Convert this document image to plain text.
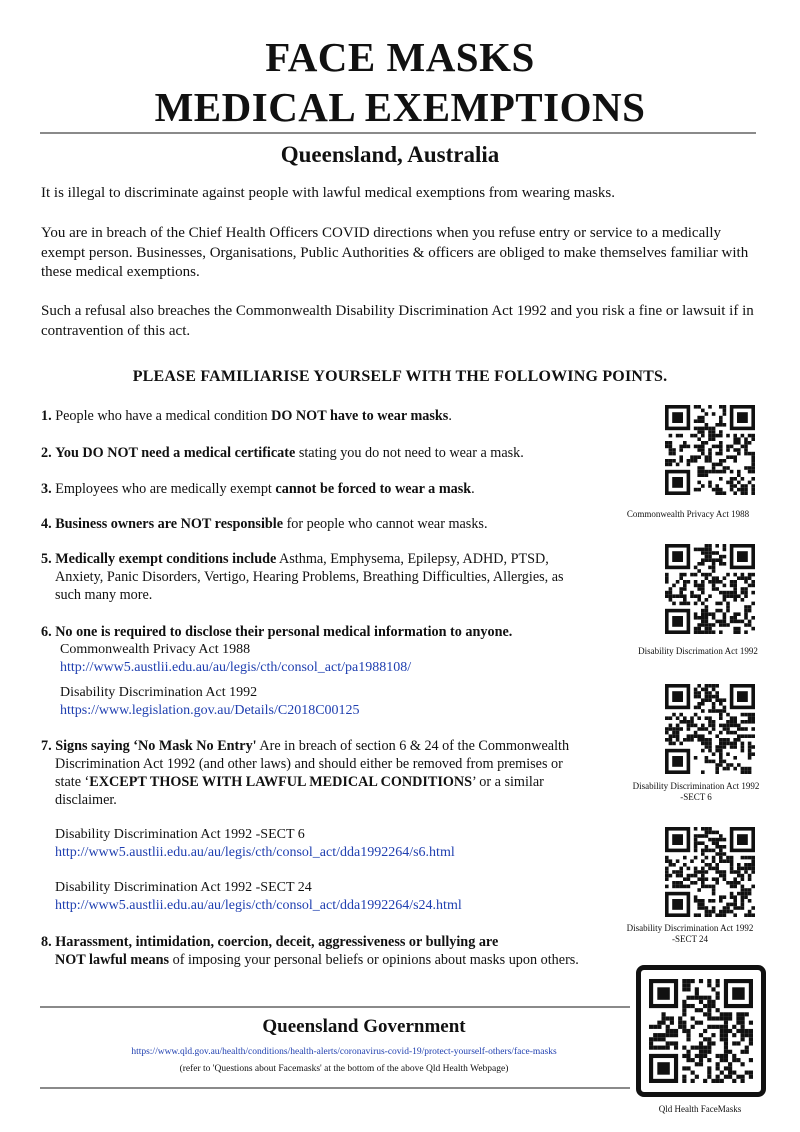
FACE MASKS
MEDICAL EXEMPTIONS
Queensland, Australia
It is illegal to discriminate against people with lawful medical exemptions from wearing masks.
You are in breach of the Chief Health Officers COVID directions when you refuse entry or service to a medically exempt person. Businesses, Organisations, Public Authorities & officers are obliged to make themselves familiar with these medical exemptions.
Such a refusal also breaches the Commonwealth Disability Discrimination Act 1992 and you risk a fine or lawsuit if in contravention of this act.
PLEASE FAMILIARISE YOURSELF WITH THE FOLLOWING POINTS.
1. People who have a medical condition DO NOT have to wear masks.
2. You DO NOT need a medical certificate stating you do not need to wear a mask.
3. Employees who are medically exempt cannot be forced to wear a mask.
4. Business owners are NOT responsible for people who cannot wear masks.
5. Medically exempt conditions include Asthma, Emphysema, Epilepsy, ADHD, PTSD,
Anxiety, Panic Disorders, Vertigo, Hearing Problems, Breathing Difficulties, Allergies, as
such many more.
6. No one is required to disclose their personal medical information to anyone.
Commonwealth Privacy Act 1988
http://www5.austlii.edu.au/au/legis/cth/consol_act/pa1988108/
Disability Discrimination Act 1992
https://www.legislation.gov.au/Details/C2018C00125
7. Signs saying ‘No Mask No Entry' Are in breach of section 6 & 24 of the Commonwealth
Discrimination Act 1992 (and other laws) and should either be removed from premises or
state ‘EXCEPT THOSE WITH LAWFUL MEDICAL CONDITIONS’ or a similar
disclaimer.
Disability Discrimination Act 1992 -SECT 6
http://www5.austlii.edu.au/au/legis/cth/consol_act/dda1992264/s6.html
Disability Discrimination Act 1992 -SECT 24
http://www5.austlii.edu.au/au/legis/cth/consol_act/dda1992264/s24.html
8. Harassment, intimidation, coercion, deceit, aggressiveness or bullying are
NOT lawful means of imposing your personal beliefs or opinions about masks upon others.
Commonwealth Privacy Act 1988
Disability Discrimation Act 1992
Disability Discrimination Act 1992
-SECT 6
Disability Discrimination Act 1992
-SECT 24
Qld Health FaceMasks
Queensland Government
https://www.qld.gov.au/health/conditions/health-alerts/coronavirus-covid-19/protect-yourself-others/face-masks
(refer to 'Questions about Facemasks' at the bottom of the above Qld Health Webpage)
